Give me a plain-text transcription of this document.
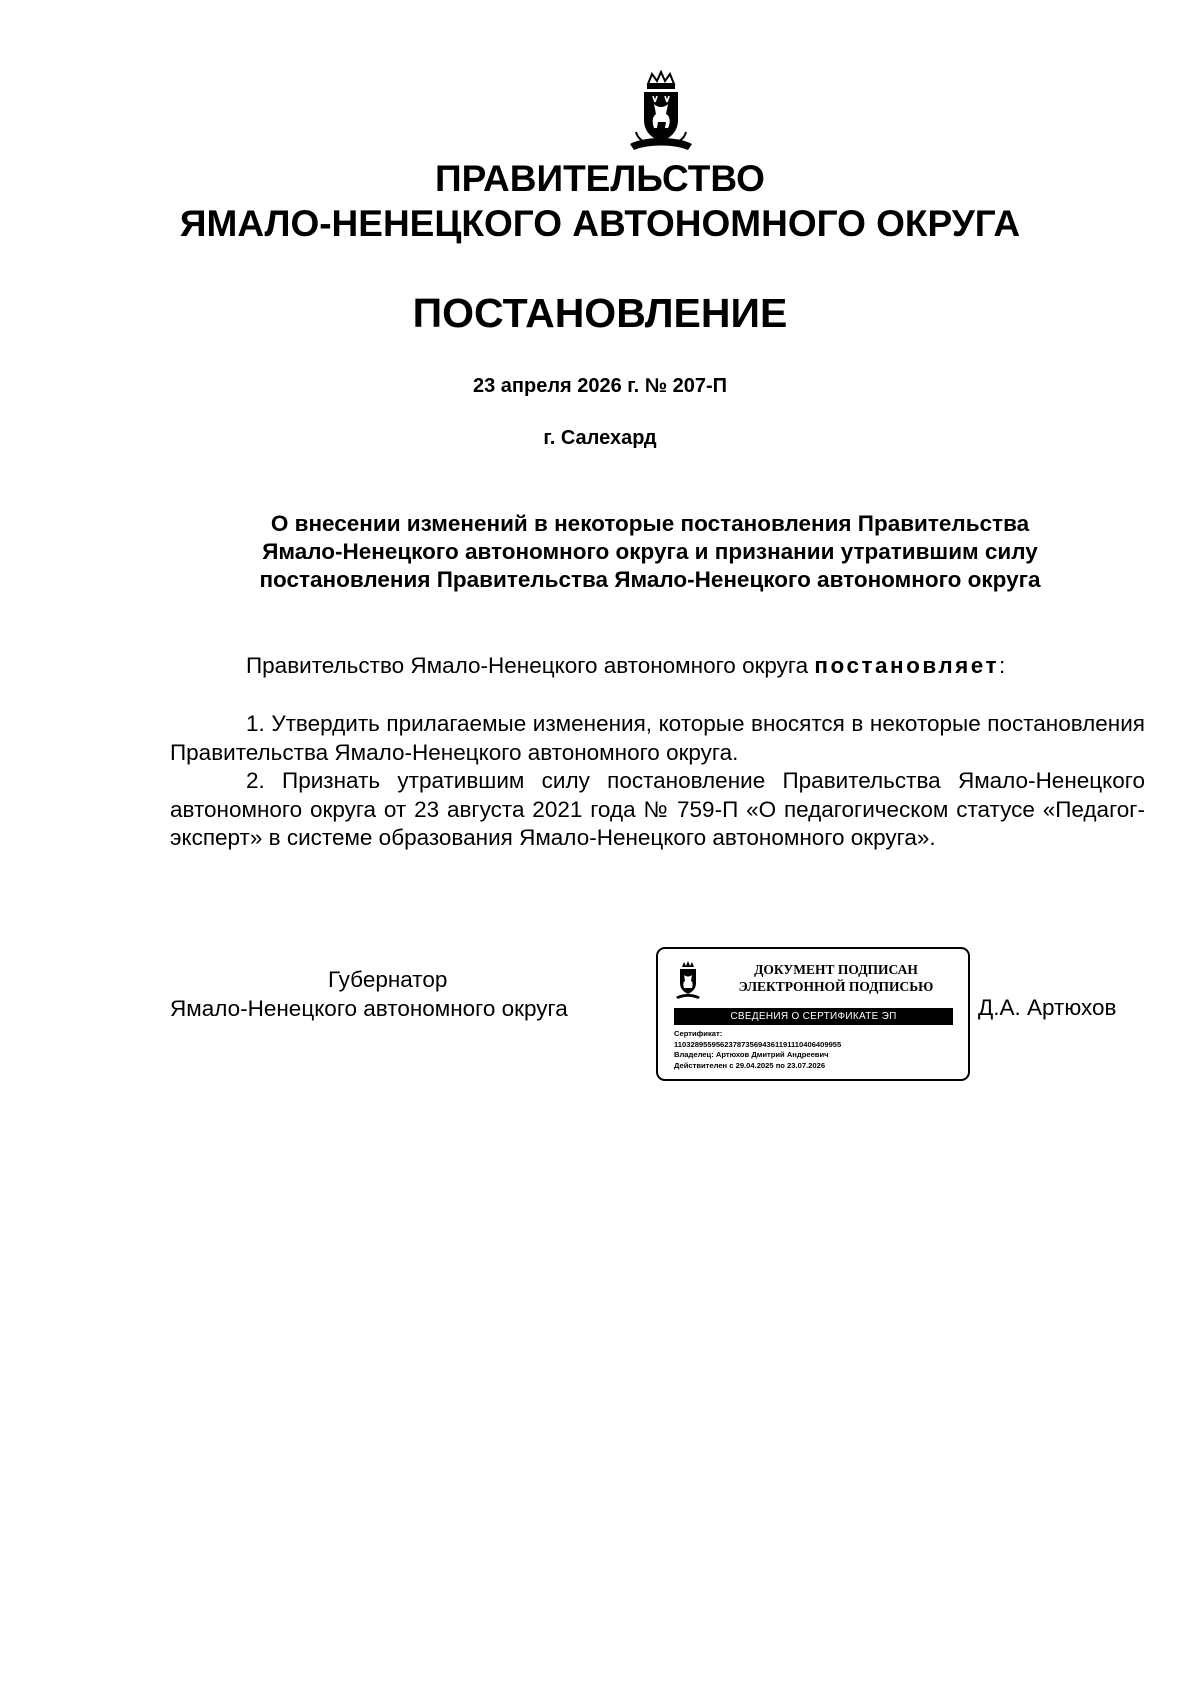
ПРАВИТЕЛЬСТВО
ЯМАЛО-НЕНЕЦКОГО АВТОНОМНОГО ОКРУГА
ПОСТАНОВЛЕНИЕ
23 апреля 2026 г. № 207-П
г. Салехард
О внесении изменений в некоторые постановления Правительства
Ямало-Ненецкого автономного округа и признании утратившим силу
постановления Правительства Ямало-Ненецкого автономного округа

Правительство Ямало-Ненецкого автономного округа постановляет:

1. Утвердить прилагаемые изменения, которые вносятся в некоторые постановления Правительства Ямало-Ненецкого автономного округа.

2. Признать утратившим силу постановление Правительства Ямало-Ненецкого автономного округа от 23 августа 2021 года № 759-П «О педагогическом статусе «Педагог-эксперт» в системе образования Ямало-Ненецкого автономного округа».

Губернатор
Ямало-Ненецкого автономного округа
ДОКУМЕНТ ПОДПИСАН
ЭЛЕКТРОННОЙ ПОДПИСЬЮ
СВЕДЕНИЯ О СЕРТИФИКАТЕ ЭП
Сертификат:
1103289559562378735694361191110406409955
Владелец: Артюхов Дмитрий Андреевич
Действителен с 29.04.2025 по 23.07.2026
Д.А. Артюхов
